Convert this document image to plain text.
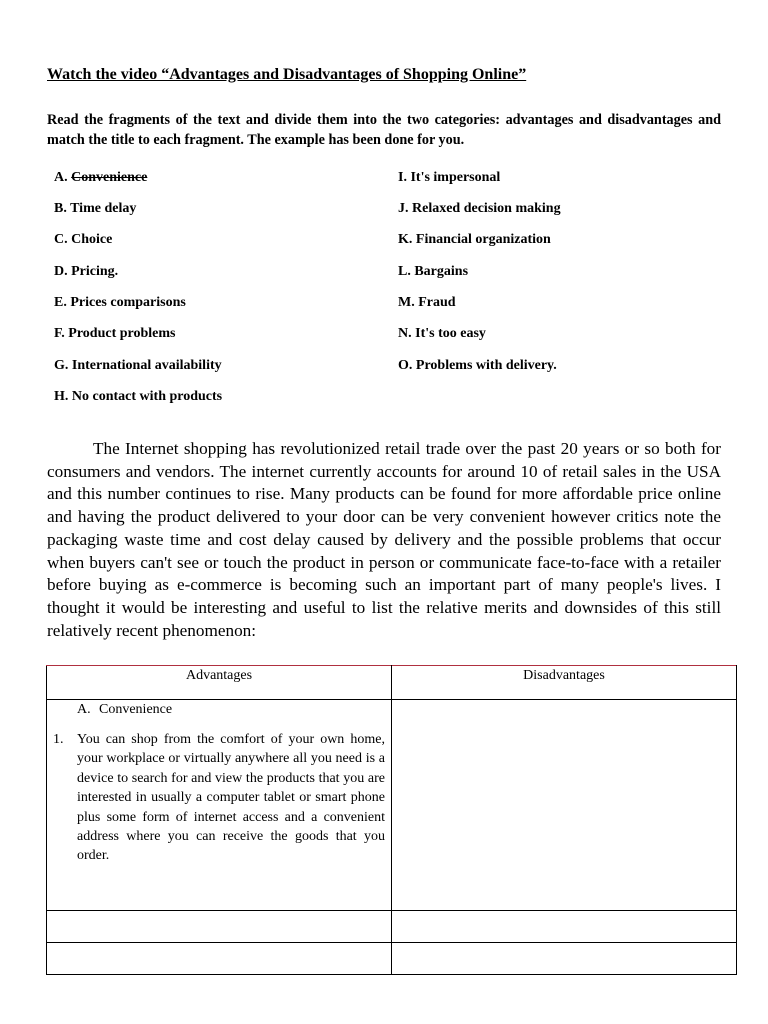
Watch the video “Advantages and Disadvantages of Shopping Online”
Read the fragments of the text and divide them into the two categories: advantages and disadvantages and match the title to each fragment. The example has been done for you.
A. Convenience
B. Time delay
C. Choice
D. Pricing.
E. Prices comparisons
F. Product problems
G. International availability
H. No contact with products
I. It's impersonal
J. Relaxed decision making
K. Financial organization
L. Bargains
M. Fraud
N. It's too easy
O. Problems with delivery.

The Internet shopping has revolutionized retail trade over the past 20 years or so both for consumers and vendors. The internet currently accounts for around 10 of retail sales in the USA and this number continues to rise. Many products can be found for more affordable price online and having the product delivered to your door can be very convenient however critics note the packaging waste time and cost delay caused by delivery and the possible problems that occur when buyers can't see or touch the product in person or communicate face-to-face with a retailer before buying as e-commerce is becoming such an important part of many people's lives. I thought it would be interesting and useful to list the relative merits and downsides of this still relatively recent phenomenon:

Advantages	Disadvantages

A. Convenience
1. You can shop from the comfort of your own home, your workplace or virtually anywhere all you need is a device to search for and view the products that you are interested in usually a computer tablet or smart phone plus some form of internet access and a convenient address where you can receive the goods that you order.	
